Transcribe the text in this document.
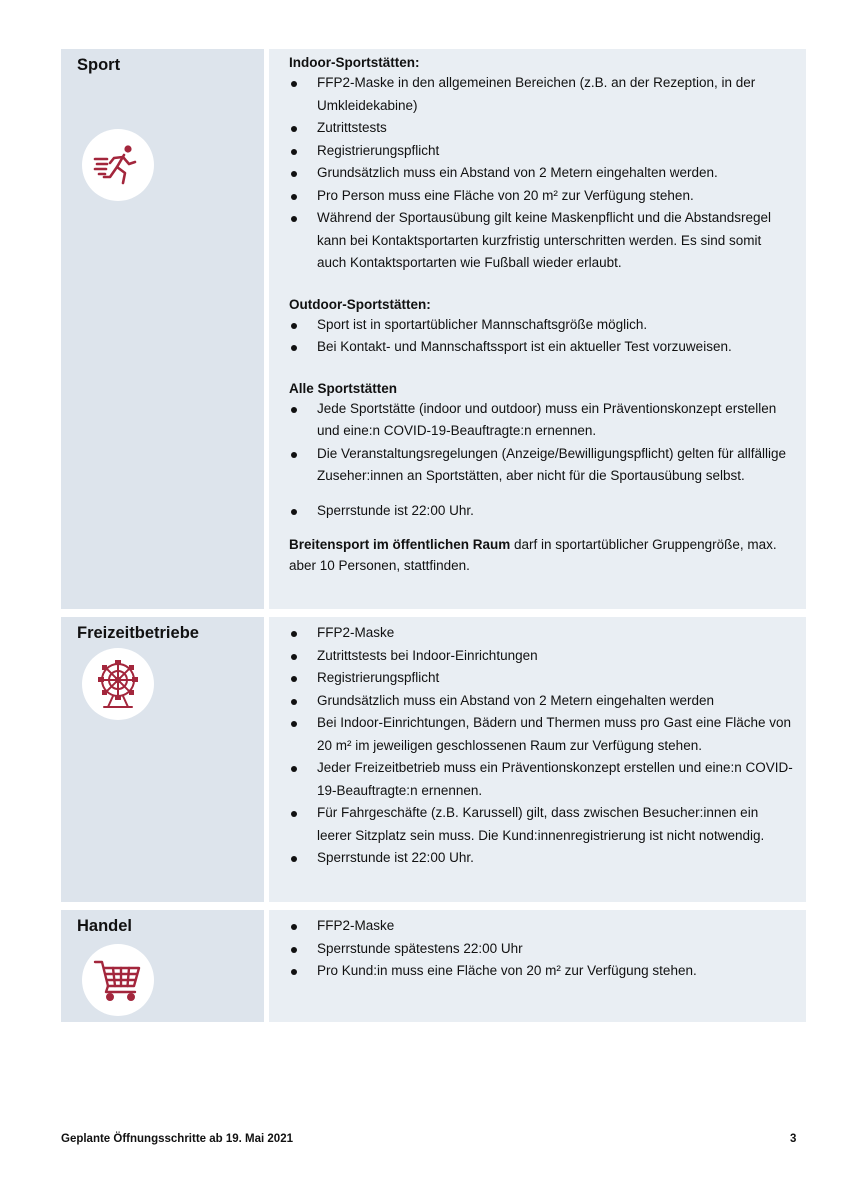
Sport	Indoor-Sportstätten:

FFP2-Maske in den allgemeinen Bereichen (z.B. an der Rezeption, in der Umkleidekabine)
Zutrittstests
Registrierungspflicht
Grundsätzlich muss ein Abstand von 2 Metern eingehalten werden.
Pro Person muss eine Fläche von 20 m² zur Verfügung stehen.
Während der Sportausübung gilt keine Maskenpflicht und die Abstandsregel kann bei Kontaktsportarten kurzfristig unterschritten werden. Es sind somit auch Kontaktsportarten wie Fußball wieder erlaubt.

Outdoor-Sportstätten:

Sport ist in sportartüblicher Mannschaftsgröße möglich.
Bei Kontakt- und Mannschaftssport ist ein aktueller Test vorzuweisen.

Alle Sportstätten

Jede Sportstätte (indoor und outdoor) muss ein Präventionskonzept erstellen und eine:n COVID-19-Beauftragte:n ernennen.
Die Veranstaltungsregelungen (Anzeige/Bewilligungspflicht) gelten für allfällige Zuseher:innen an Sportstätten, aber nicht für die Sportausübung selbst.
Sperrstunde ist 22:00 Uhr.

Breitensport im öffentlichen Raum darf in sportartüblicher Gruppengröße, max. aber 10 Personen, stattfinden.

Freizeitbetriebe	FFP2-Maske
Zutrittstests bei Indoor-Einrichtungen
Registrierungspflicht
Grundsätzlich muss ein Abstand von 2 Metern eingehalten werden
Bei Indoor-Einrichtungen, Bädern und Thermen muss pro Gast eine Fläche von 20 m² im jeweiligen geschlossenen Raum zur Verfügung stehen.
Jeder Freizeitbetrieb muss ein Präventionskonzept erstellen und eine:n COVID-19-Beauftragte:n ernennen.
Für Fahrgeschäfte (z.B. Karussell) gilt, dass zwischen Besucher:innen ein leerer Sitzplatz sein muss. Die Kund:innenregistrierung ist nicht notwendig.
Sperrstunde ist 22:00 Uhr.
Handel	FFP2-Maske
Sperrstunde spätestens 22:00 Uhr
Pro Kund:in muss eine Fläche von 20 m² zur Verfügung stehen.
Geplante Öffnungsschritte ab 19. Mai 2021	3
